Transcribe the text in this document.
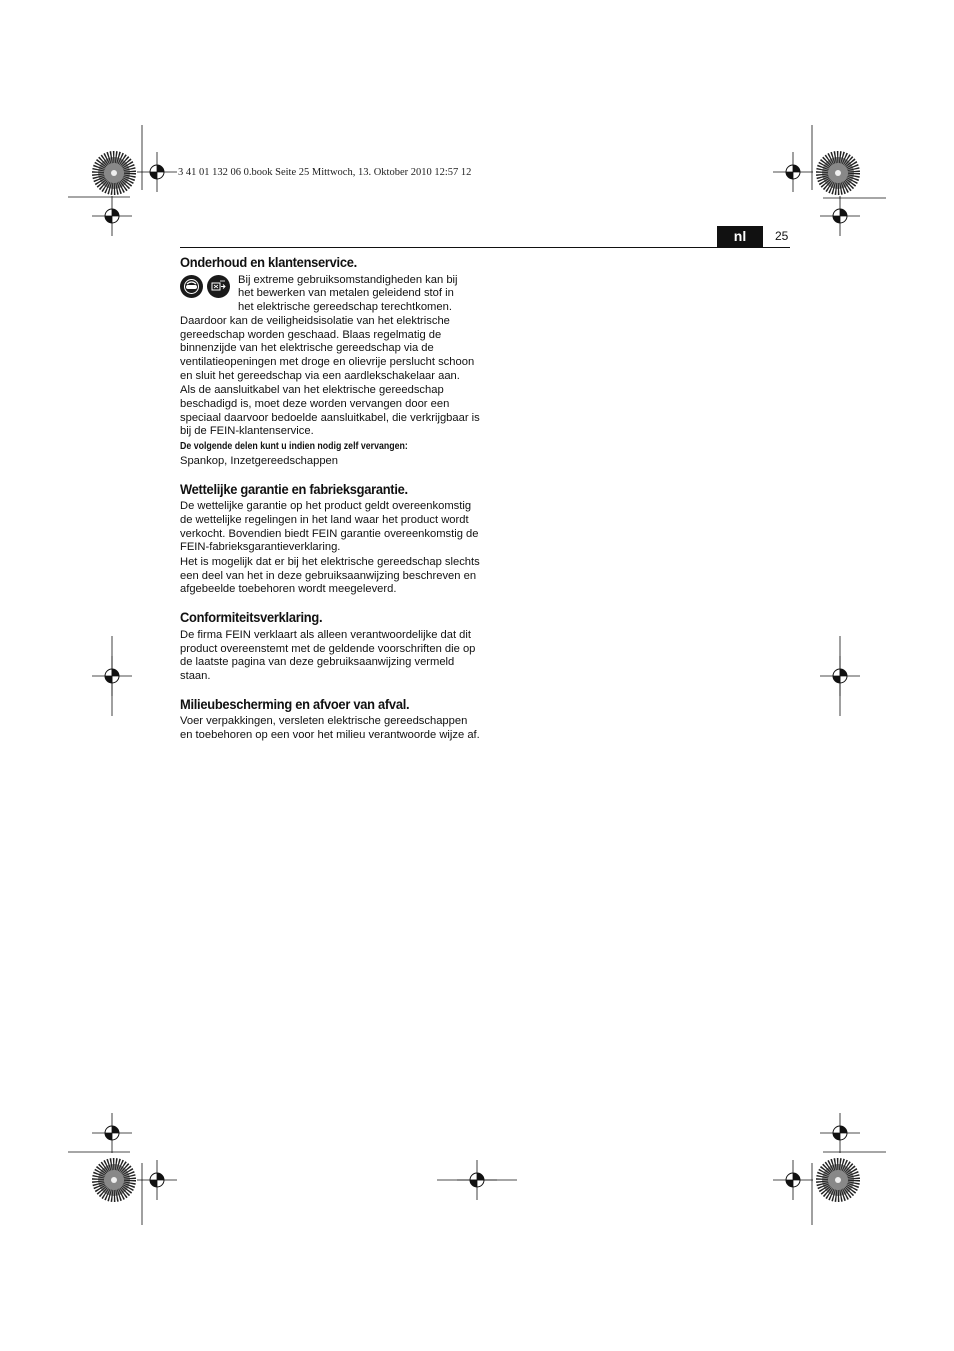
3 41 01 132 06 0.book Seite 25 Mittwoch, 13. Oktober 2010 12:57 12
nl	25
Onderhoud en klantenservice.
Bij extreme gebruiksomstandigheden kan bij
het bewerken van metalen geleidend stof in
het elektrische gereedschap terechtkomen.

Daardoor kan de veiligheidsisolatie van het elektrische gereedschap worden geschaad. Blaas regelmatig de binnenzijde van het elektrische gereedschap via de ventilatieopeningen met droge en olievrije perslucht schoon en sluit het gereedschap via een aardlekschakelaar aan.

Als de aansluitkabel van het elektrische gereedschap beschadigd is, moet deze worden vervangen door een speciaal daarvoor bedoelde aansluitkabel, die verkrijgbaar is bij de FEIN-klantenservice.

De volgende delen kunt u indien nodig zelf vervangen:

Spankop, Inzetgereedschappen

Wettelijke garantie en fabrieksgarantie.

De wettelijke garantie op het product geldt overeenkomstig de wettelijke regelingen in het land waar het product wordt verkocht. Bovendien biedt FEIN garantie overeenkomstig de FEIN-fabrieksgarantieverklaring.

Het is mogelijk dat er bij het elektrische gereedschap slechts een deel van het in deze gebruiksaanwijzing beschreven en afgebeelde toebehoren wordt meegeleverd.

Conformiteitsverklaring.

De firma FEIN verklaart als alleen verantwoordelijke dat dit product overeenstemt met de geldende voorschriften die op de laatste pagina van deze gebruiksaanwijzing vermeld staan.

Milieubescherming en afvoer van afval.

Voer verpakkingen, versleten elektrische gereedschappen en toebehoren op een voor het milieu verantwoorde wijze af.
